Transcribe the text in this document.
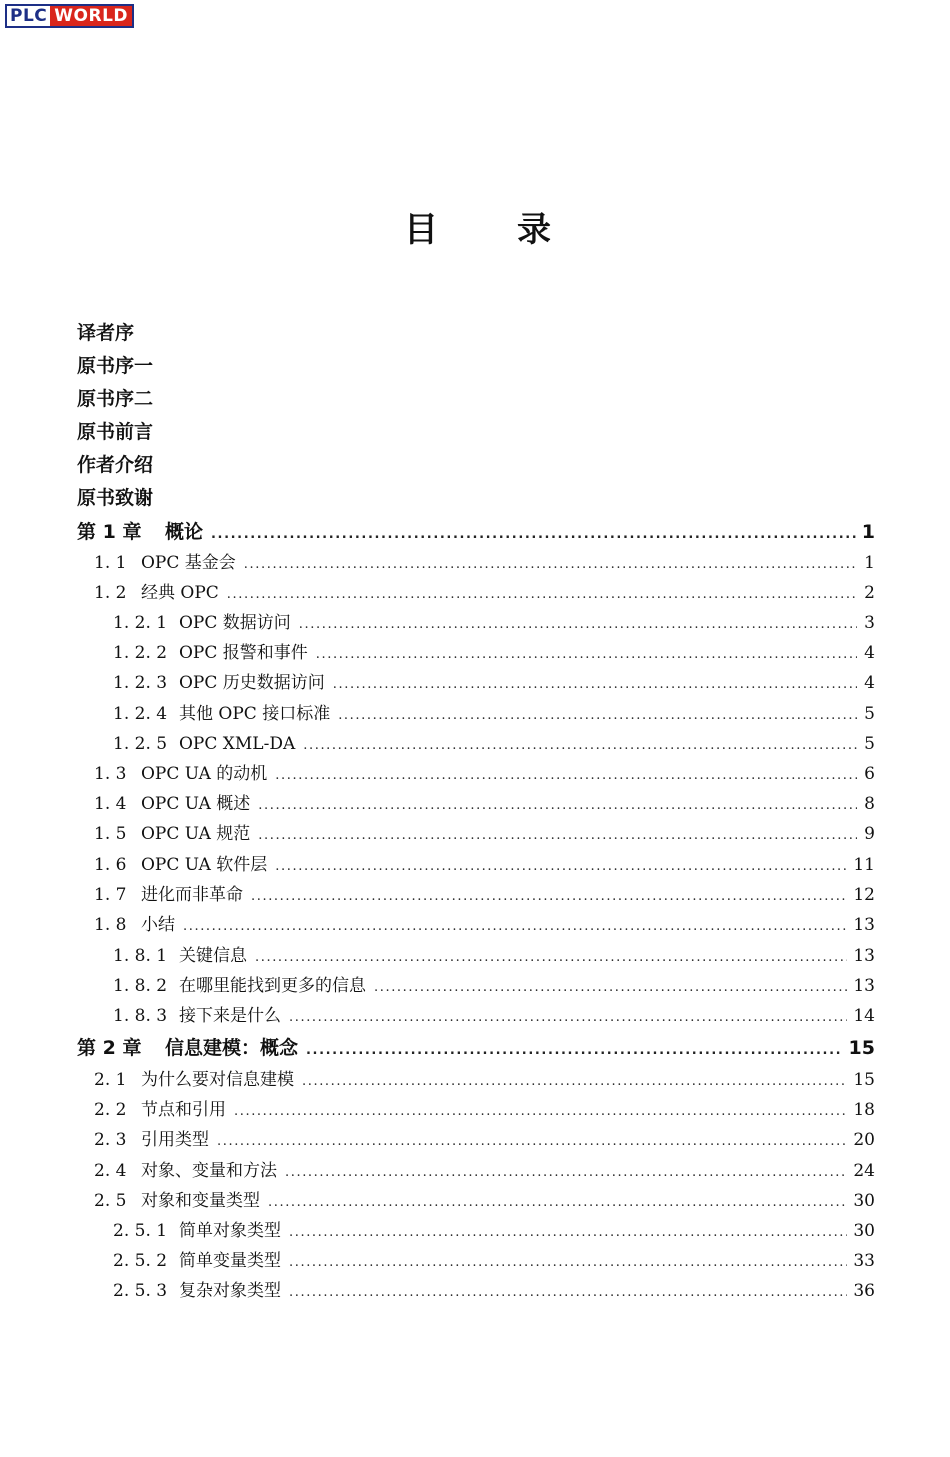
PLC WORLD
目	录
译者序
原书序一
原书序二
原书前言
作者介绍
原书致谢
第 1 章	概论 .....	1
1. 1 OPC 基金会 .....	1
1. 2 经典 OPC .....	2
1. 2. 1 OPC 数据访问 .....	3
1. 2. 2 OPC 报警和事件 .....	4
1. 2. 3 OPC 历史数据访问 .....	4
1. 2. 4 其他 OPC 接口标准 .....	5
1. 2. 5 OPC XML-DA .....	5
1. 3 OPC UA 的动机 .....	6
1. 4 OPC UA 概述 .....	8
1. 5 OPC UA 规范 .....	9
1. 6 OPC UA 软件层 .....	11
1. 7 进化而非革命 .....	12
1. 8 小结 .....	13
1. 8. 1 关键信息 .....	13
1. 8. 2 在哪里能找到更多的信息 .....	13
1. 8. 3 接下来是什么 .....	14
第 2 章	信息建模：概念 .....	15
2. 1 为什么要对信息建模 .....	15
2. 2 节点和引用 .....	18
2. 3 引用类型 .....	20
2. 4 对象、变量和方法 .....	24
2. 5 对象和变量类型 .....	30
2. 5. 1 简单对象类型 .....	30
2. 5. 2 简单变量类型 .....	33
2. 5. 3 复杂对象类型 .....	36
